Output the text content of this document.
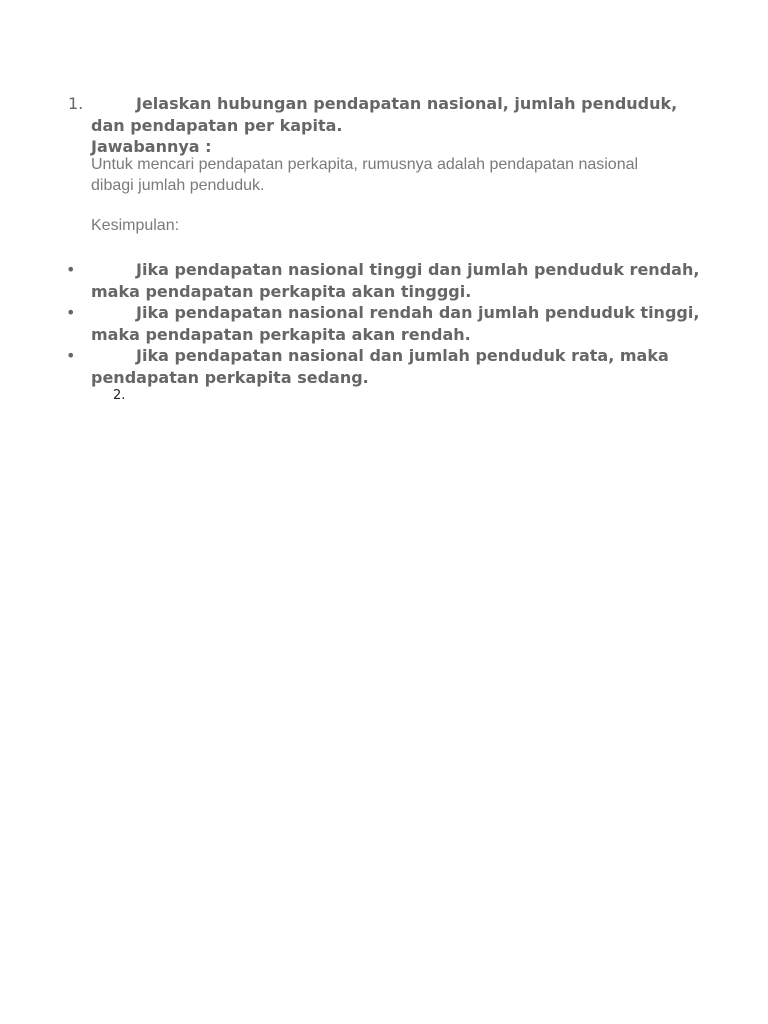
1.	Jelaskan hubungan pendapatan nasional, jumlah penduduk,
dan pendapatan per kapita.
Jawabannya :
Untuk mencari pendapatan perkapita, rumusnya adalah pendapatan nasional
dibagi jumlah penduduk.
Kesimpulan:
•	Jika pendapatan nasional tinggi dan jumlah penduduk rendah,
maka pendapatan perkapita akan tingggi.
•	Jika pendapatan nasional rendah dan jumlah penduduk tinggi,
maka pendapatan perkapita akan rendah.
•	Jika pendapatan nasional dan jumlah penduduk rata, maka
pendapatan perkapita sedang.
2.
